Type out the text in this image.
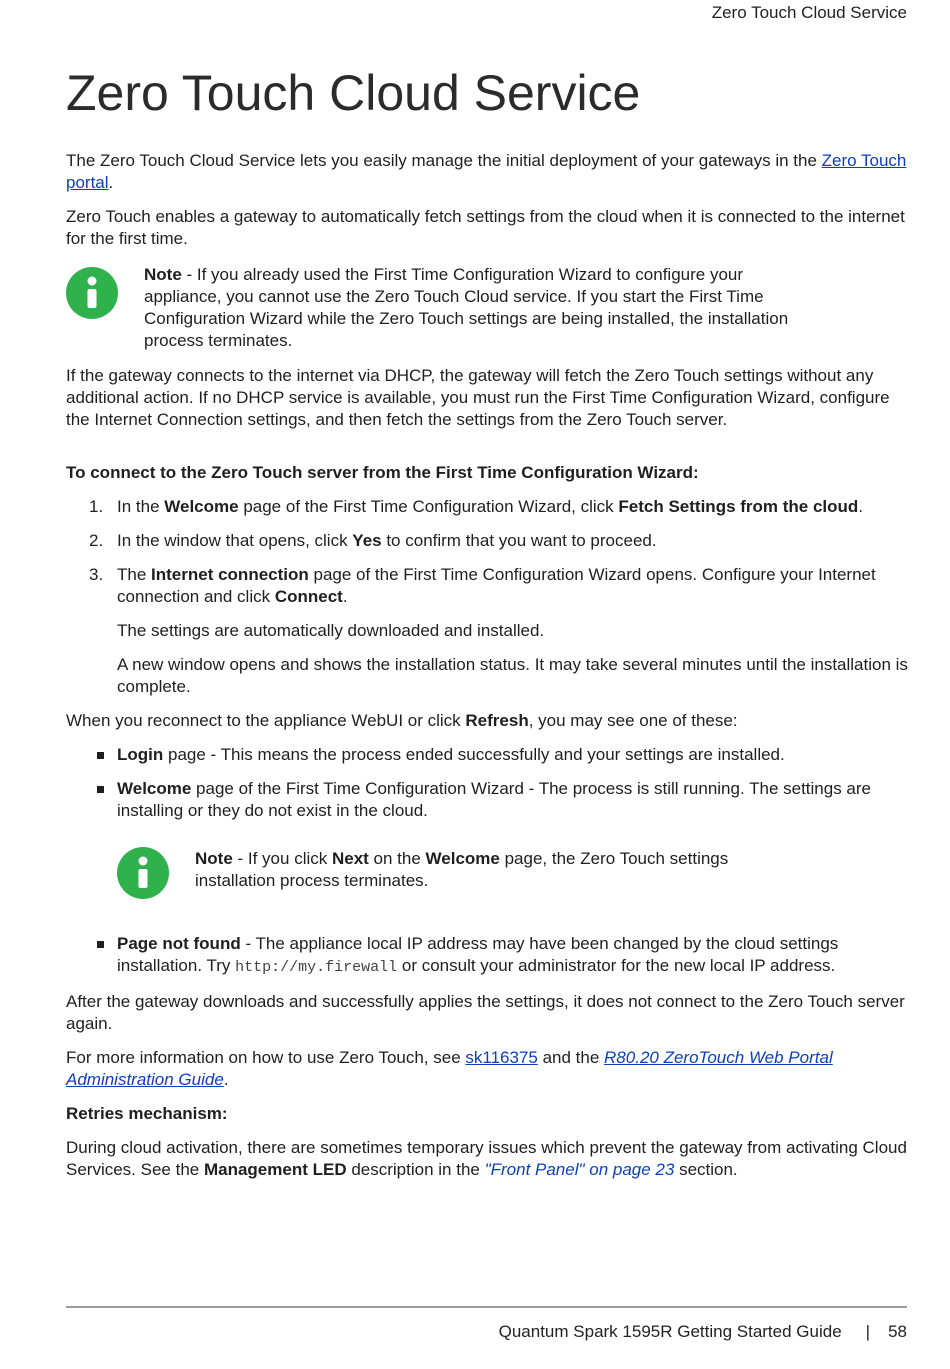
Zero Touch Cloud Service
Zero Touch Cloud Service

The Zero Touch Cloud Service lets you easily manage the initial deployment of your gateways in the Zero Touch portal.

Zero Touch enables a gateway to automatically fetch settings from the cloud when it is connected to the internet for the first time.

Note - If you already used the First Time Configuration Wizard to configure your appliance, you cannot use the Zero Touch Cloud service. If you start the First Time Configuration Wizard while the Zero Touch settings are being installed, the installation process terminates.

If the gateway connects to the internet via DHCP, the gateway will fetch the Zero Touch settings without any additional action. If no DHCP service is available, you must run the First Time Configuration Wizard, configure the Internet Connection settings, and then fetch the settings from the Zero Touch server.

To connect to the Zero Touch server from the First Time Configuration Wizard:

1. In the Welcome page of the First Time Configuration Wizard, click Fetch Settings from the cloud.
2. In the window that opens, click Yes to confirm that you want to proceed.
3. The Internet connection page of the First Time Configuration Wizard opens. Configure your Internet connection and click Connect.

The settings are automatically downloaded and installed.

A new window opens and shows the installation status. It may take several minutes until the installation is complete.

When you reconnect to the appliance WebUI or click Refresh, you may see one of these:

Login page - This means the process ended successfully and your settings are installed.
Welcome page of the First Time Configuration Wizard - The process is still running. The settings are installing or they do not exist in the cloud.
Note - If you click Next on the Welcome page, the Zero Touch settings installation process terminates.
Page not found - The appliance local IP address may have been changed by the cloud settings installation. Try http://my.firewall or consult your administrator for the new local IP address.

After the gateway downloads and successfully applies the settings, it does not connect to the Zero Touch server again.

For more information on how to use Zero Touch, see sk116375 and the R80.20 ZeroTouch Web Portal Administration Guide.

Retries mechanism:

During cloud activation, there are sometimes temporary issues which prevent the gateway from activating Cloud Services. See the Management LED description in the "Front Panel" on page 23 section.

Quantum Spark 1595R Getting Started Guide | 58
